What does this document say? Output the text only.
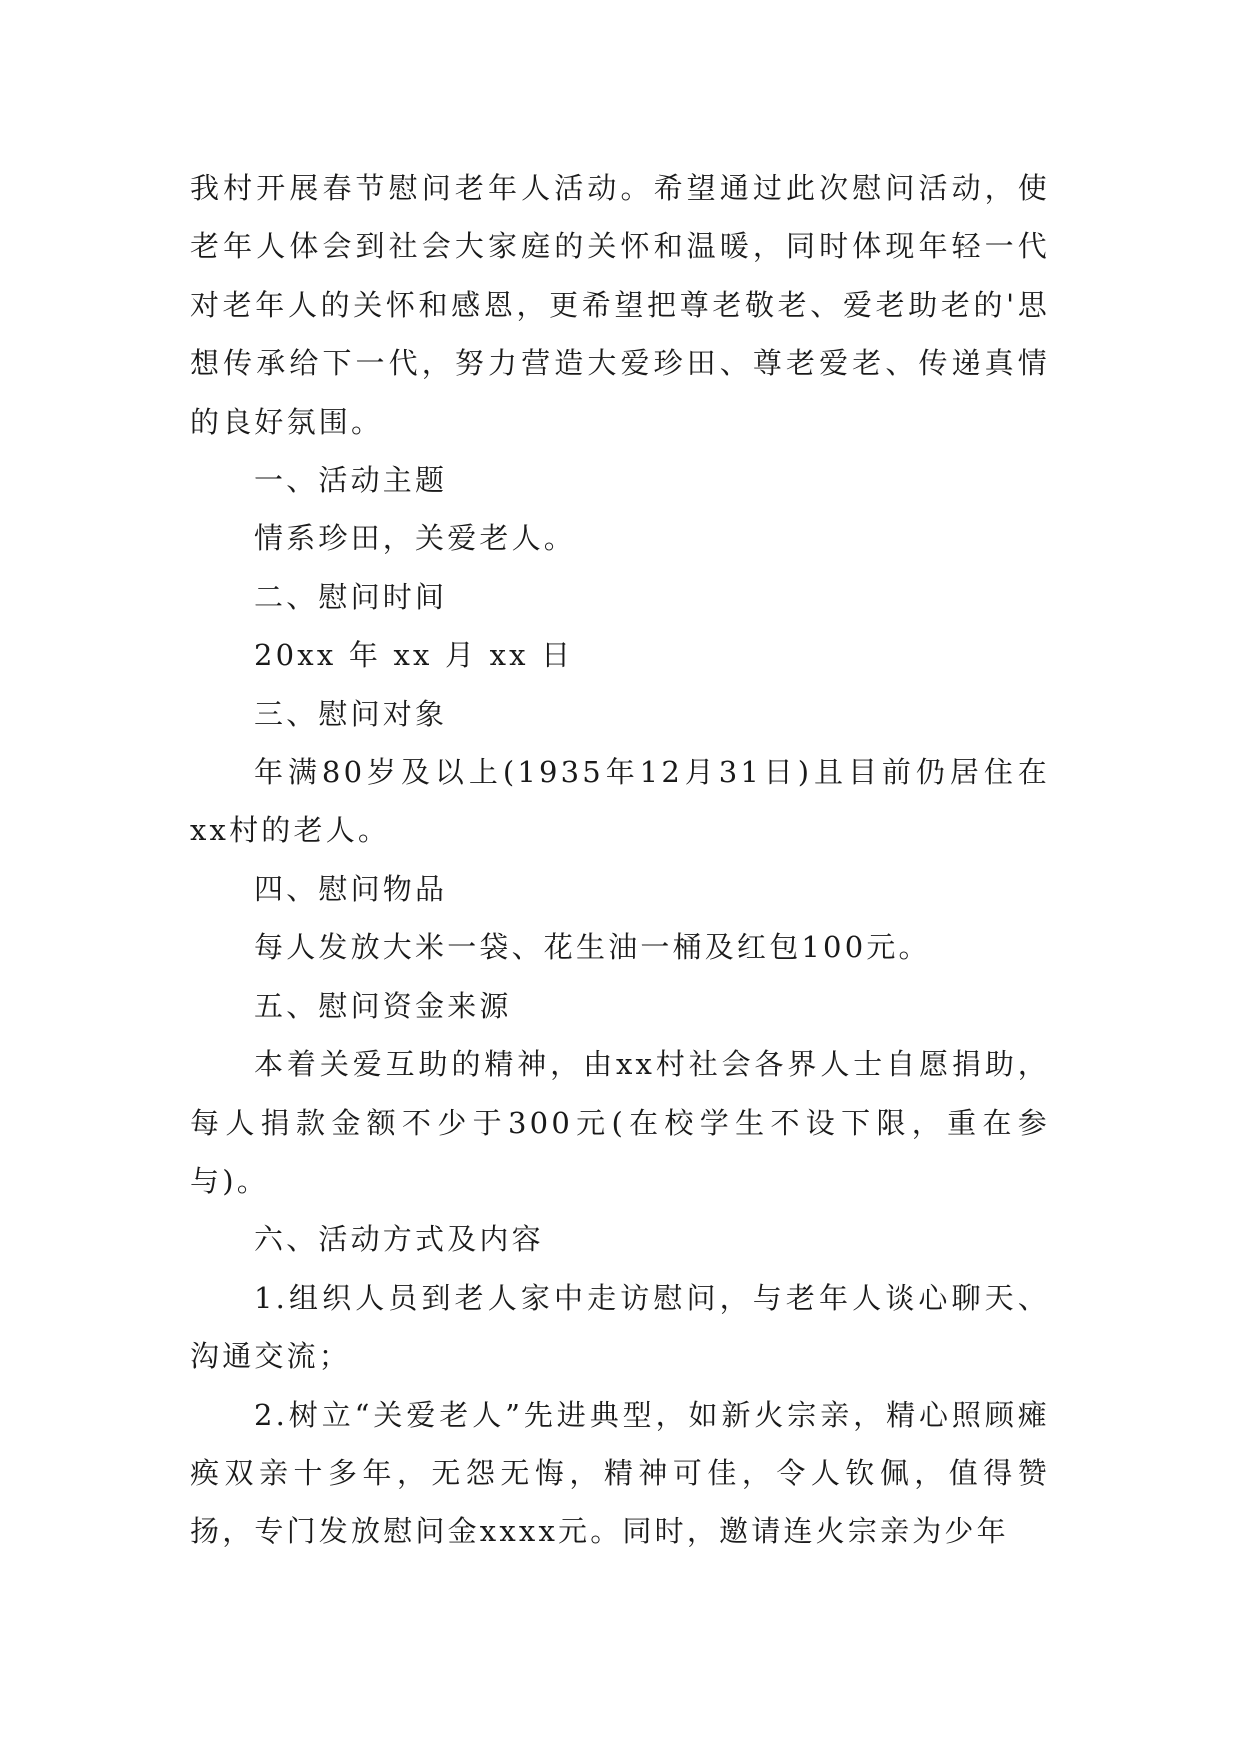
我村开展春节慰问老年人活动。希望通过此次慰问活动，使老年人体会到社会大家庭的关怀和温暖，同时体现年轻一代对老年人的关怀和感恩，更希望把尊老敬老、爱老助老的'思想传承给下一代，努力营造大爱珍田、尊老爱老、传递真情的良好氛围。

一、活动主题

情系珍田，关爱老人。

二、慰问时间

20xx 年 xx 月 xx 日

三、慰问对象

年满80岁及以上(1935年12月31日)且目前仍居住在xx村的老人。

四、慰问物品

每人发放大米一袋、花生油一桶及红包100元。

五、慰问资金来源

本着关爱互助的精神，由xx村社会各界人士自愿捐助，每人捐款金额不少于300元(在校学生不设下限，重在参与)。

六、活动方式及内容

1.组织人员到老人家中走访慰问，与老年人谈心聊天、沟通交流；

2.树立“关爱老人”先进典型，如新火宗亲，精心照顾瘫痪双亲十多年，无怨无悔，精神可佳，令人钦佩，值得赞扬，专门发放慰问金xxxx元。同时，邀请连火宗亲为少年
